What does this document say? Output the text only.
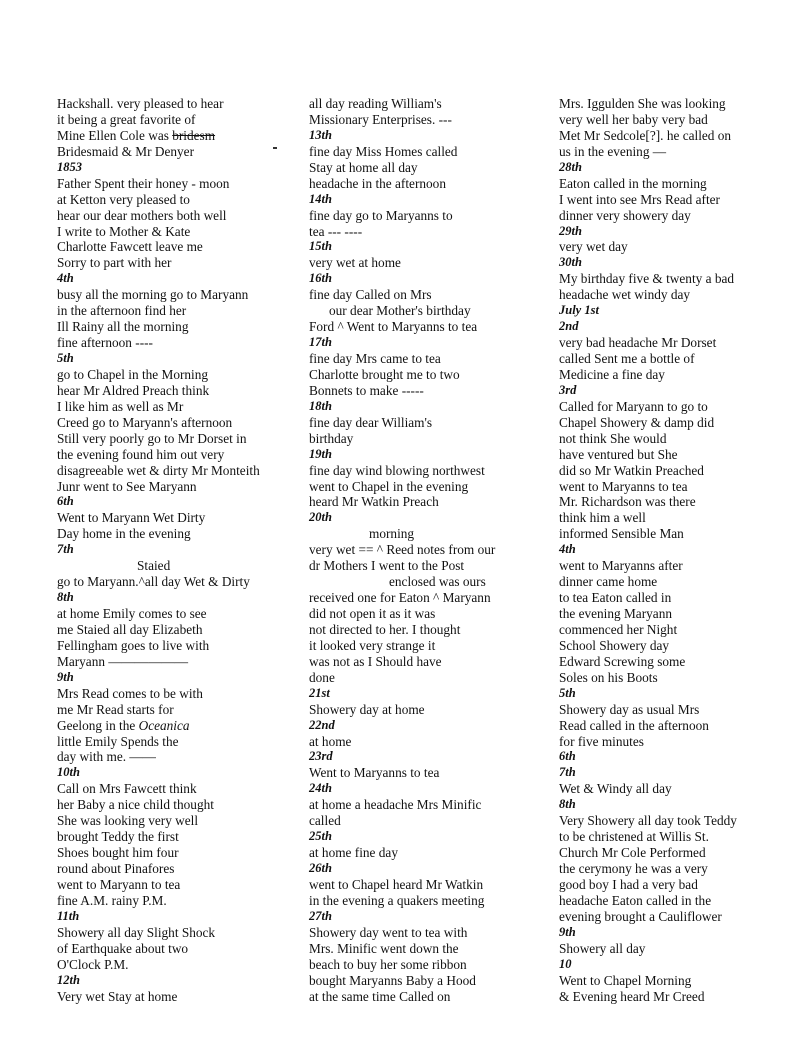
Hackshall. very pleased to hear
it being a great favorite of
Mine Ellen Cole was bridesm
Bridesmaid & Mr Denyer
1853
Father Spent their honey - moon
at Ketton very pleased to
hear our dear mothers both well
I write to Mother & Kate
Charlotte Fawcett leave me
Sorry to part with her
4th
busy all the morning go to Maryann
in the afternoon find her
Ill Rainy all the morning
fine afternoon ----
5th
go to Chapel in the Morning
hear Mr Aldred Preach think
I like him as well as Mr
Creed go to Maryann's afternoon
Still very poorly go to Mr Dorset in
the evening found him out very
disagreeable wet & dirty Mr Monteith
Junr went to See Maryann
6th
Went to Maryann Wet Dirty
Day home in the evening
7th
Staied
go to Maryann.^all day Wet & Dirty
8th
at home Emily comes to see
me Staied all day Elizabeth
Fellingham goes to live with
Maryann ——————
9th
Mrs Read comes to be with
me Mr Read starts for
Geelong in the Oceanica
little Emily Spends the
day with me. ——
10th
Call on Mrs Fawcett think
her Baby a nice child thought
She was looking very well
brought Teddy the first
Shoes bought him four
round about Pinafores
went to Maryann to tea
fine A.M. rainy P.M.
11th
Showery all day Slight Shock
of Earthquake about two
O'Clock P.M.
12th
Very wet Stay at home
all day reading William's
Missionary Enterprises. ---
13th
fine day Miss Homes called
Stay at home all day
headache in the afternoon
14th
fine day go to Maryanns to
tea --- ----
15th
very wet at home
16th
fine day Called on Mrs
our dear Mother's birthday
Ford ^ Went to Maryanns to tea
17th
fine day Mrs came to tea
Charlotte brought me to two
Bonnets to make -----
18th
fine day dear William's
birthday
19th
fine day wind blowing northwest
went to Chapel in the evening
heard Mr Watkin Preach
20th
morning
very wet == ^ Reed notes from our
dr Mothers I went to the Post
enclosed was ours
received one for Eaton ^ Maryann
did not open it as it was
not directed to her. I thought
it looked very strange it
was not as I Should have
done
21st
Showery day at home
22nd
at home
23rd
Went to Maryanns to tea
24th
at home a headache Mrs Minific
called
25th
at home fine day
26th
went to Chapel heard Mr Watkin
in the evening a quakers meeting
27th
Showery day went to tea with
Mrs. Minific went down the
beach to buy her some ribbon
bought Maryanns Baby a Hood
at the same time Called on
Mrs. Iggulden She was looking
very well her baby very bad
Met Mr Sedcole[?]. he called on
us in the evening —
28th
Eaton called in the morning
I went into see Mrs Read after
dinner very showery day
29th
very wet day
30th
My birthday five & twenty a bad
headache wet windy day
July 1st
2nd
very bad headache Mr Dorset
called Sent me a bottle of
Medicine a fine day
3rd
Called for Maryann to go to
Chapel Showery & damp did
not think She would
have ventured but She
did so Mr Watkin Preached
went to Maryanns to tea
Mr. Richardson was there
think him a well
informed Sensible Man
4th
went to Maryanns after
dinner came home
to tea Eaton called in
the evening Maryann
commenced her Night
School Showery day
Edward Screwing some
Soles on his Boots
5th
Showery day as usual Mrs
Read called in the afternoon
for five minutes
6th
7th
Wet & Windy all day
8th
Very Showery all day took Teddy
to be christened at Willis St.
Church Mr Cole Performed
the cerymony he was a very
good boy I had a very bad
headache Eaton called in the
evening brought a Cauliflower
9th
Showery all day
10
Went to Chapel Morning
& Evening heard Mr Creed
